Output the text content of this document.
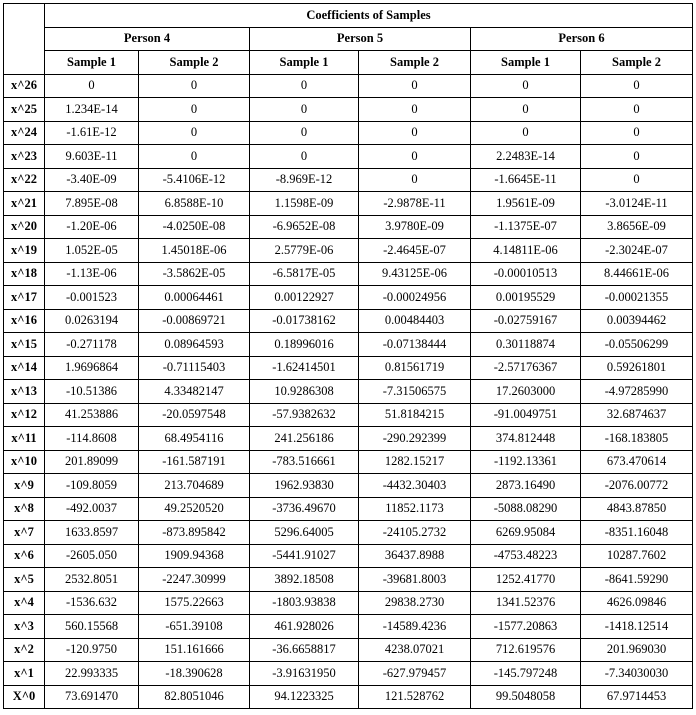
	Coefficients of Samples					
	Person 4		Person 5		Person 6	
	Sample 1	Sample 2	Sample 1	Sample 2	Sample 1	Sample 2
x^26	0	0	0	0	0	0
x^25	1.234E-14	0	0	0	0	0
x^24	-1.61E-12	0	0	0	0	0
x^23	9.603E-11	0	0	0	2.2483E-14	0
x^22	-3.40E-09	-5.4106E-12	-8.969E-12	0	-1.6645E-11	0
x^21	7.895E-08	6.8588E-10	1.1598E-09	-2.9878E-11	1.9561E-09	-3.0124E-11
x^20	-1.20E-06	-4.0250E-08	-6.9652E-08	3.9780E-09	-1.1375E-07	3.8656E-09
x^19	1.052E-05	1.45018E-06	2.5779E-06	-2.4645E-07	4.14811E-06	-2.3024E-07
x^18	-1.13E-06	-3.5862E-05	-6.5817E-05	9.43125E-06	-0.00010513	8.44661E-06
x^17	-0.001523	0.00064461	0.00122927	-0.00024956	0.00195529	-0.00021355
x^16	0.0263194	-0.00869721	-0.01738162	0.00484403	-0.02759167	0.00394462
x^15	-0.271178	0.08964593	0.18996016	-0.07138444	0.30118874	-0.05506299
x^14	1.9696864	-0.71115403	-1.62414501	0.81561719	-2.57176367	0.59261801
x^13	-10.51386	4.33482147	10.9286308	-7.31506575	17.2603000	-4.97285990
x^12	41.253886	-20.0597548	-57.9382632	51.8184215	-91.0049751	32.6874637
x^11	-114.8608	68.4954116	241.256186	-290.292399	374.812448	-168.183805
x^10	201.89099	-161.587191	-783.516661	1282.15217	-1192.13361	673.470614
x^9	-109.8059	213.704689	1962.93830	-4432.30403	2873.16490	-2076.00772
x^8	-492.0037	49.2520520	-3736.49670	11852.1173	-5088.08290	4843.87850
x^7	1633.8597	-873.895842	5296.64005	-24105.2732	6269.95084	-8351.16048
x^6	-2605.050	1909.94368	-5441.91027	36437.8988	-4753.48223	10287.7602
x^5	2532.8051	-2247.30999	3892.18508	-39681.8003	1252.41770	-8641.59290
x^4	-1536.632	1575.22663	-1803.93838	29838.2730	1341.52376	4626.09846
x^3	560.15568	-651.39108	461.928026	-14589.4236	-1577.20863	-1418.12514
x^2	-120.9750	151.161666	-36.6658817	4238.07021	712.619576	201.969030
x^1	22.993335	-18.390628	-3.91631950	-627.979457	-145.797248	-7.34030030
X^0	73.691470	82.8051046	94.1223325	121.528762	99.5048058	67.9714453
